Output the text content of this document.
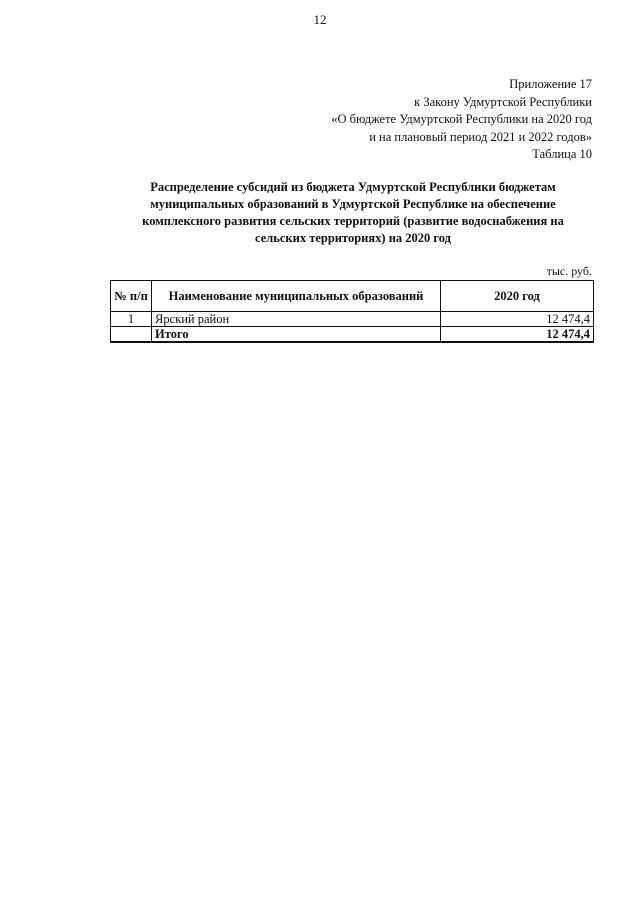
12
Приложение 17
к Закону Удмуртской Республики
«О бюджете Удмуртской Республики на 2020 год
и на плановый период 2021 и 2022 годов»
Таблица 10
Распределение субсидий из бюджета Удмуртской Республики бюджетам
муниципальных образований в Удмуртской Республике на обеспечение
комплексного развития сельских территорий (развитие водоснабжения на
сельских территориях) на 2020 год
тыс. руб.
№ п/п	Наименование муниципальных образований	2020 год
1	Ярский район	12 474,4
	Итого	12 474,4
